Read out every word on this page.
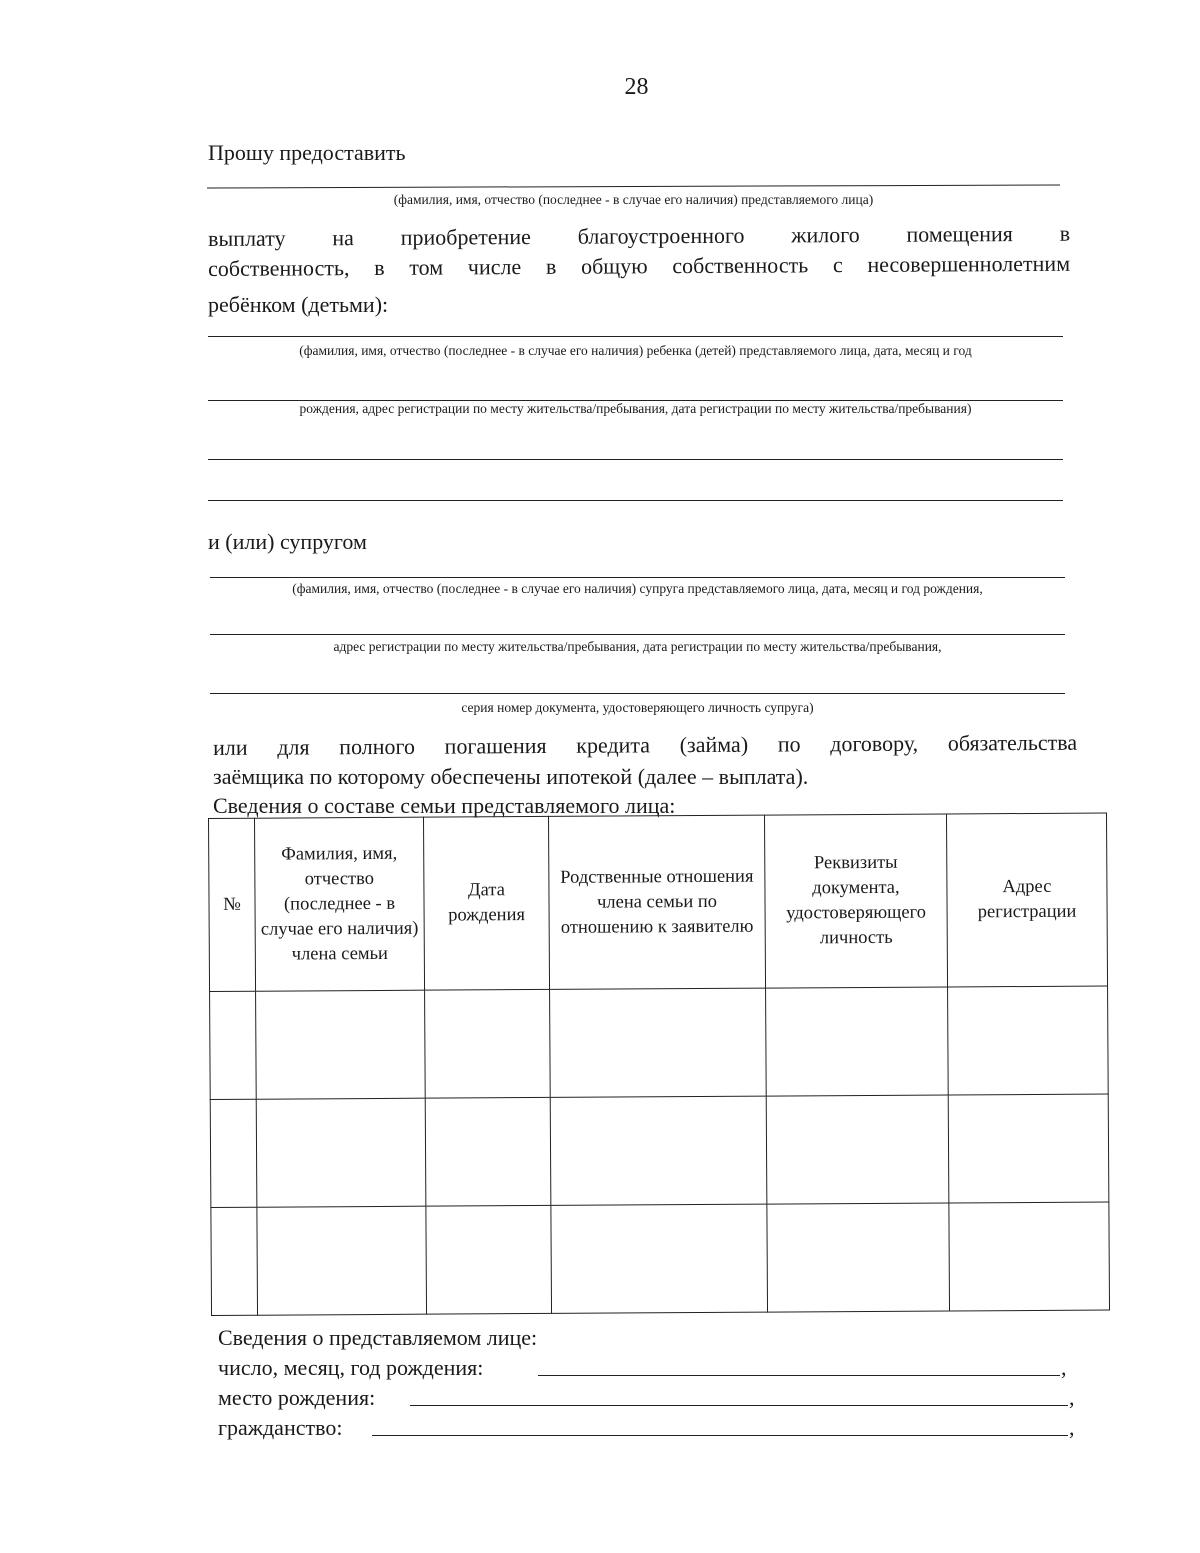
28
Прошу предоставить
(фамилия, имя, отчество (последнее - в случае его наличия) представляемого лица)
выплату на приобретение благоустроенного жилого помещения в
собственность, в том числе в общую собственность с несовершеннолетним
ребёнком (детьми):
(фамилия, имя, отчество (последнее - в случае его наличия) ребенка (детей) представляемого лица, дата, месяц и год
рождения, адрес регистрации по месту жительства/пребывания, дата регистрации по месту жительства/пребывания)
и (или) супругом
(фамилия, имя, отчество (последнее - в случае его наличия) супруга представляемого лица, дата, месяц и год рождения,
адрес регистрации по месту жительства/пребывания, дата регистрации по месту жительства/пребывания,
серия номер документа, удостоверяющего личность супруга)
или для полного погашения кредита (займа) по договору, обязательства
заёмщика по которому обеспечены ипотекой (далее – выплата).
Сведения о составе семьи представляемого лица:
№	Фамилия, имя, отчество (последнее - в случае его наличия) члена семьи	Дата рождения	Родственные отношения члена семьи по отношению к заявителю	Реквизиты документа, удостоверяющего личность	Адрес регистрации

Сведения о представляемом лице:
число, месяц, год рождения:	,
место рождения:	,
гражданство:	,
